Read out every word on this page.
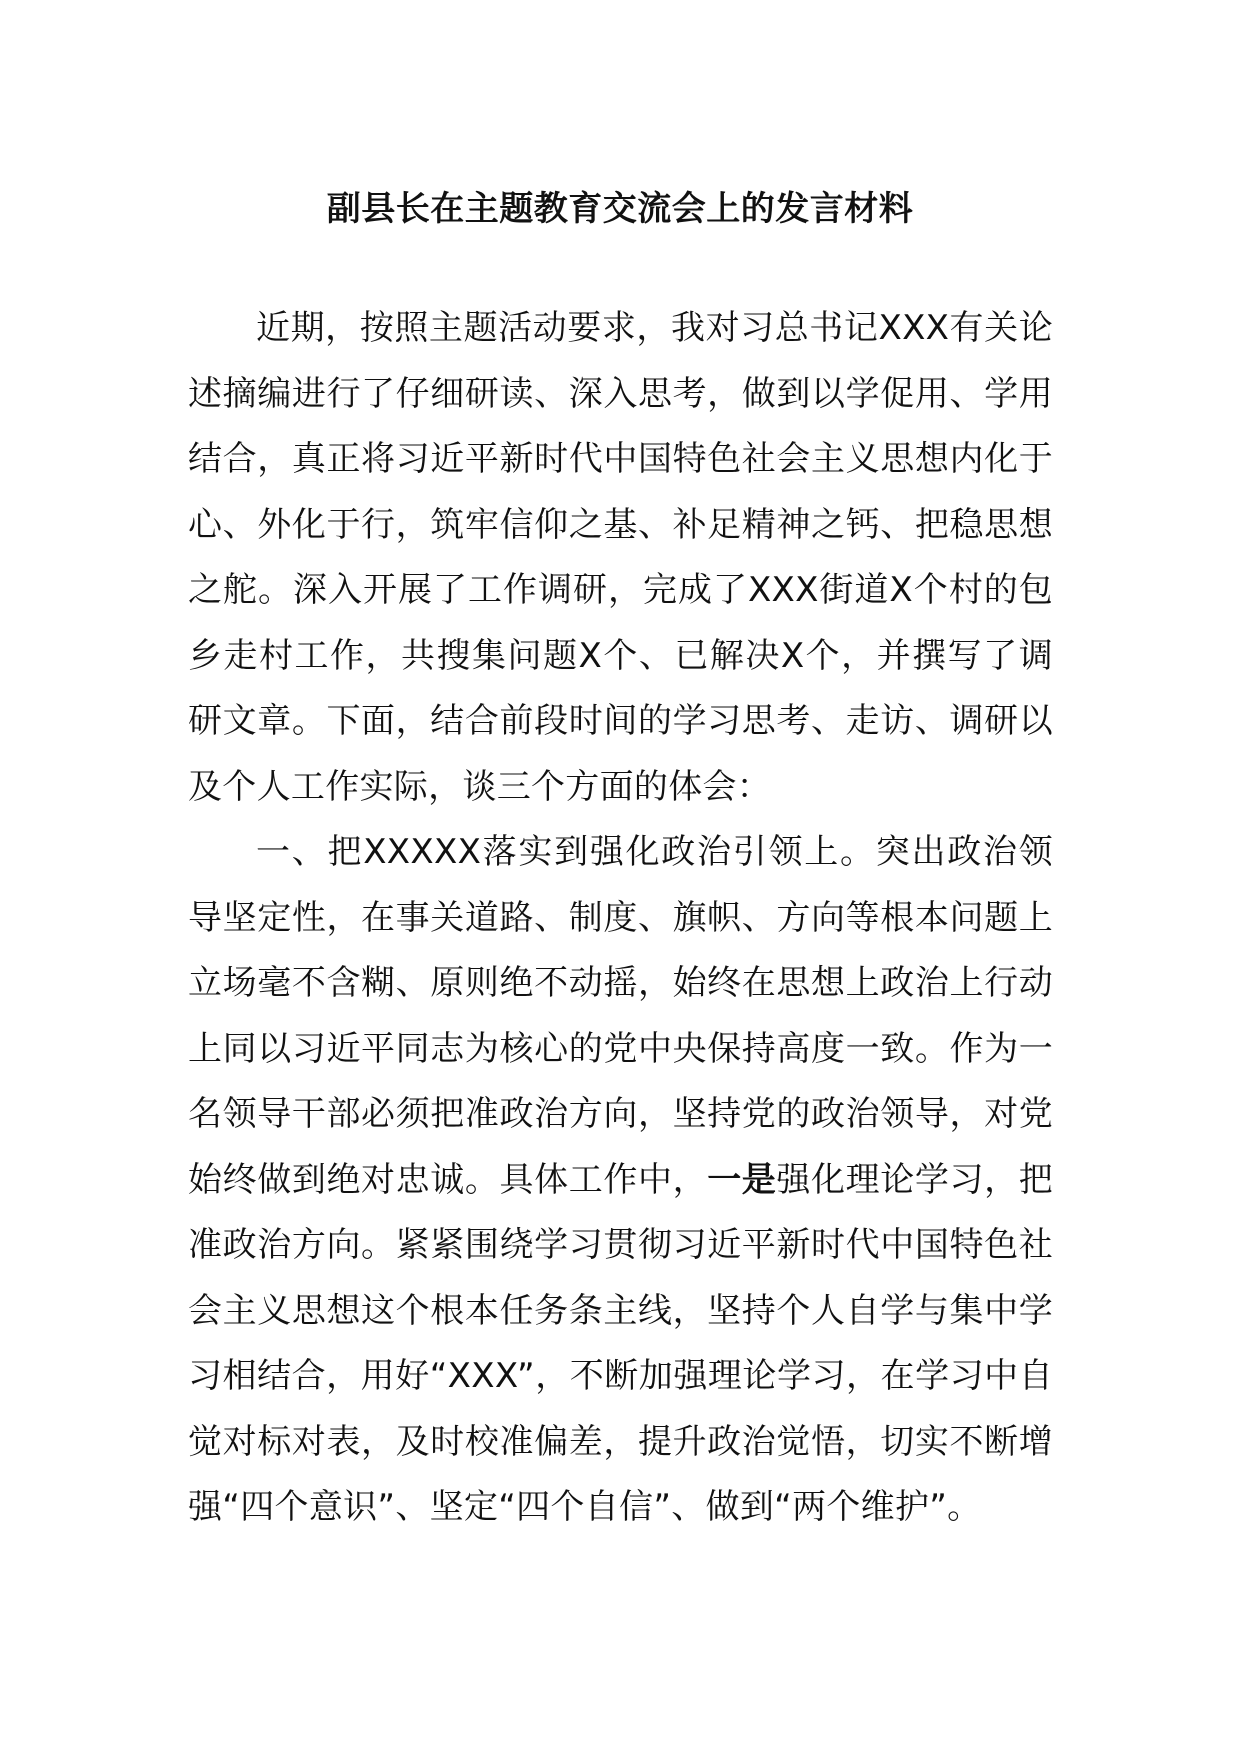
副县长在主题教育交流会上的发言材料

近期，按照主题活动要求，我对习总书记XXX有关论述摘编进行了仔细研读、深入思考，做到以学促用、学用结合，真正将习近平新时代中国特色社会主义思想内化于心、外化于行，筑牢信仰之基、补足精神之钙、把稳思想之舵。深入开展了工作调研，完成了XXX街道X个村的包乡走村工作，共搜集问题X个、已解决X个，并撰写了调研文章。下面，结合前段时间的学习思考、走访、调研以及个人工作实际，谈三个方面的体会：

一、把XXXXX落实到强化政治引领上。突出政治领导坚定性，在事关道路、制度、旗帜、方向等根本问题上立场毫不含糊、原则绝不动摇，始终在思想上政治上行动上同以习近平同志为核心的党中央保持高度一致。作为一名领导干部必须把准政治方向，坚持党的政治领导，对党始终做到绝对忠诚。具体工作中，一是强化理论学习，把准政治方向。紧紧围绕学习贯彻习近平新时代中国特色社会主义思想这个根本任务条主线，坚持个人自学与集中学习相结合，用好“XXX”，不断加强理论学习，在学习中自觉对标对表，及时校准偏差，提升政治觉悟，切实不断增强“四个意识”、坚定“四个自信”、做到“两个维护”。
